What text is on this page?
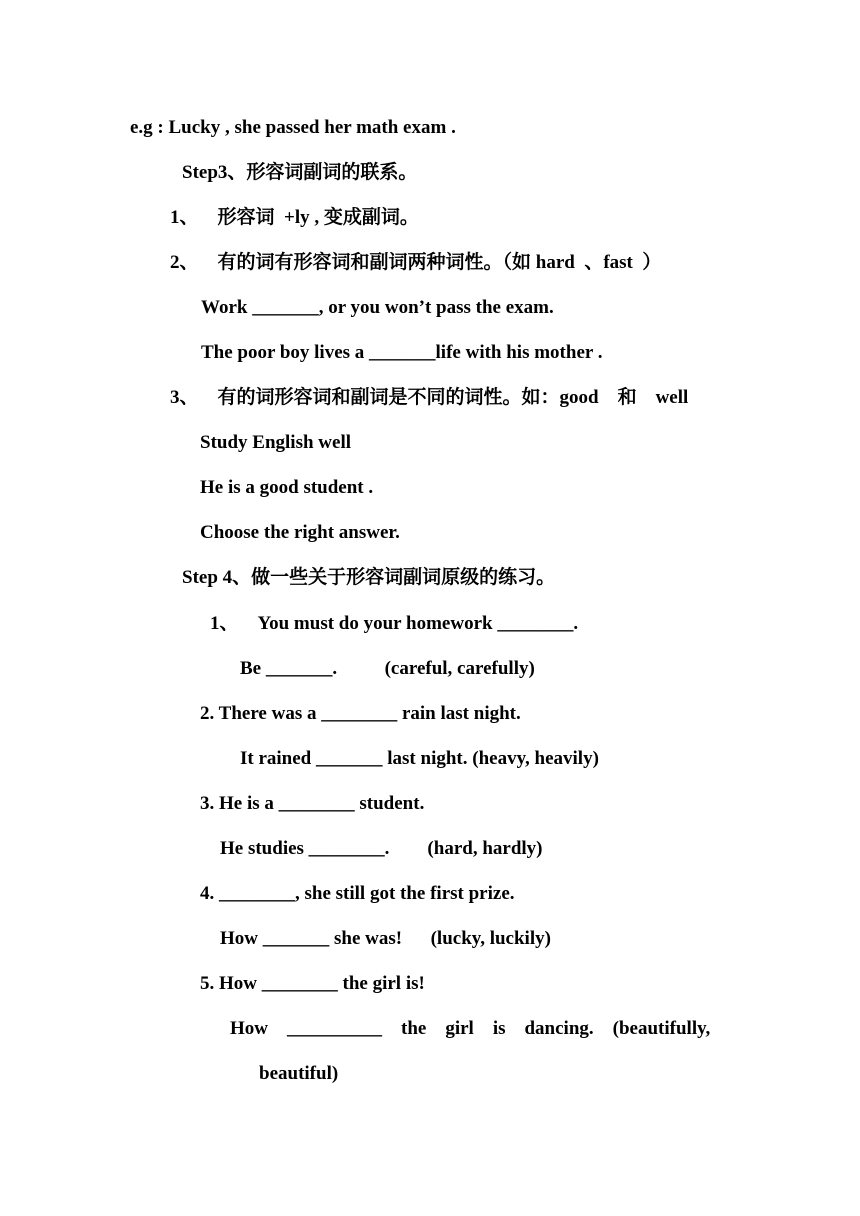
e.g : Lucky , she passed her math exam .
Step3、形容词副词的联系。
1、    形容词  +ly , 变成副词。
2、    有的词有形容词和副词两种词性。（如 hard  、fast  ）
Work _______, or you won’t pass the exam.
The poor boy lives a _______life with his mother .
3、    有的词形容词和副词是不同的词性。如：good    和    well
Study English well
He is a good student .
Choose the right answer.
Step 4、做一些关于形容词副词原级的练习。
1、    You must do your homework ________.
Be _______.          (careful, carefully)
2. There was a ________ rain last night.
It rained _______ last night. (heavy, heavily)
3. He is a ________ student.
He studies ________.        (hard, hardly)
4. ________, she still got the first prize.
How _______ she was!      (lucky, luckily)
5. How ________ the girl is!
How    __________    the    girl    is    dancing.    (beautifully,
beautiful)
